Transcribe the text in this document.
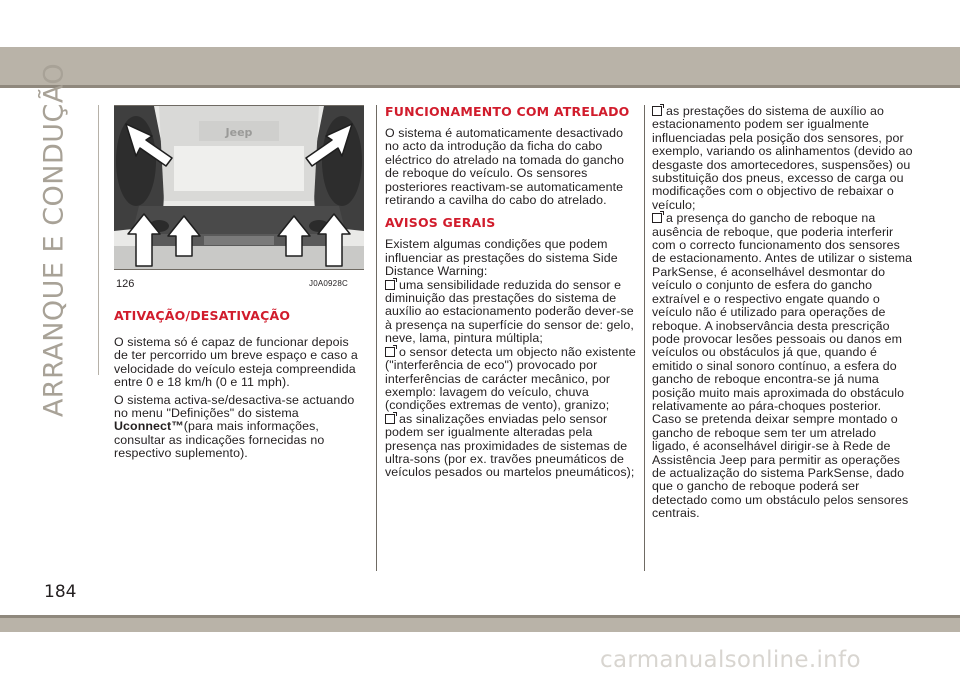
ARRANQUE E CONDUÇÃO	Jeep
126	J0A0928C
ATIVAÇÃO/DESATIVAÇÃO

O sistema só é capaz de funcionar depois de ter percorrido um breve espaço e caso a velocidade do veículo esteja compreendida entre 0 e 18 km/h (0 e 11 mph).

O sistema activa-se/desactiva-se actuando no menu "Definições" do sistema Uconnect™(para mais informações, consultar as indicações fornecidas no respectivo suplemento).

FUNCIONAMENTO COM ATRELADO

O sistema é automaticamente desactivado no acto da introdução da ficha do cabo eléctrico do atrelado na tomada do gancho de reboque do veículo. Os sensores posteriores reactivam-se automaticamente retirando a cavilha do cabo do atrelado.

AVISOS GERAIS

Existem algumas condições que podem influenciar as prestações do sistema Side Distance Warning:

uma sensibilidade reduzida do sensor e diminuição das prestações do sistema de auxílio ao estacionamento poderão dever-se à presença na superfície do sensor de: gelo, neve, lama, pintura múltipla;
o sensor detecta um objecto não existente ("interferência de eco") provocado por interferências de carácter mecânico, por exemplo: lavagem do veículo, chuva (condições extremas de vento), granizo;
as sinalizações enviadas pelo sensor podem ser igualmente alteradas pela presença nas proximidades de sistemas de ultra-sons (por ex. travões pneumáticos de veículos pesados ou martelos pneumáticos);
as prestações do sistema de auxílio ao estacionamento podem ser igualmente influenciadas pela posição dos sensores, por exemplo, variando os alinhamentos (devido ao desgaste dos amortecedores, suspensões) ou substituição dos pneus, excesso de carga ou modificações com o objectivo de rebaixar o veículo;
a presença do gancho de reboque na ausência de reboque, que poderia interferir com o correcto funcionamento dos sensores de estacionamento. Antes de utilizar o sistema ParkSense, é aconselhável desmontar do veículo o conjunto de esfera do gancho extraível e o respectivo engate quando o veículo não é utilizado para operações de reboque. A inobservância desta prescrição pode provocar lesões pessoais ou danos em veículos ou obstáculos já que, quando é emitido o sinal sonoro contínuo, a esfera do gancho de reboque encontra-se já numa posição muito mais aproximada do obstáculo relativamente ao pára-choques posterior. Caso se pretenda deixar sempre montado o gancho de reboque sem ter um atrelado ligado, é aconselhável dirigir-se à Rede de Assistência Jeep para permitir as operações de actualização do sistema ParkSense, dado que o gancho de reboque poderá ser detectado como um obstáculo pelos sensores centrais.
184
carmanualsonline.info
